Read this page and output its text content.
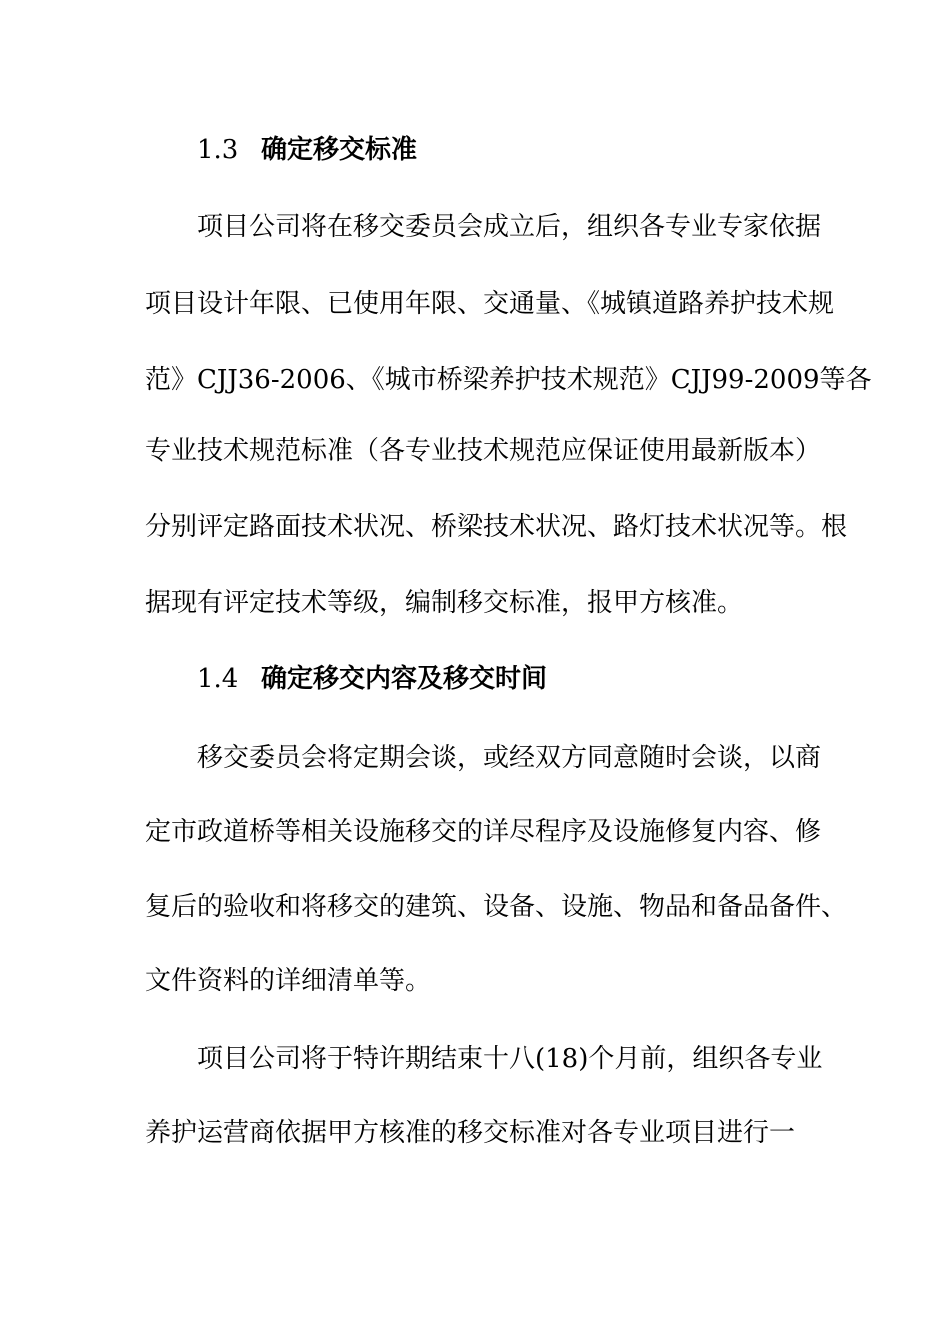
1.3 确定移交标准
项目公司将在移交委员会成立后，组织各专业专家依据
项目设计年限、已使用年限、交通量、《城镇道路养护技术规
范》CJJ36-2006、《城市桥梁养护技术规范》CJJ99-2009等各
专业技术规范标准（各专业技术规范应保证使用最新版本）
分别评定路面技术状况、桥梁技术状况、路灯技术状况等。根
据现有评定技术等级，编制移交标准，报甲方核准。
1.4 确定移交内容及移交时间
移交委员会将定期会谈，或经双方同意随时会谈，以商
定市政道桥等相关设施移交的详尽程序及设施修复内容、修
复后的验收和将移交的建筑、设备、设施、物品和备品备件、
文件资料的详细清单等。
项目公司将于特许期结束十八(18)个月前，组织各专业
养护运营商依据甲方核准的移交标准对各专业项目进行一
